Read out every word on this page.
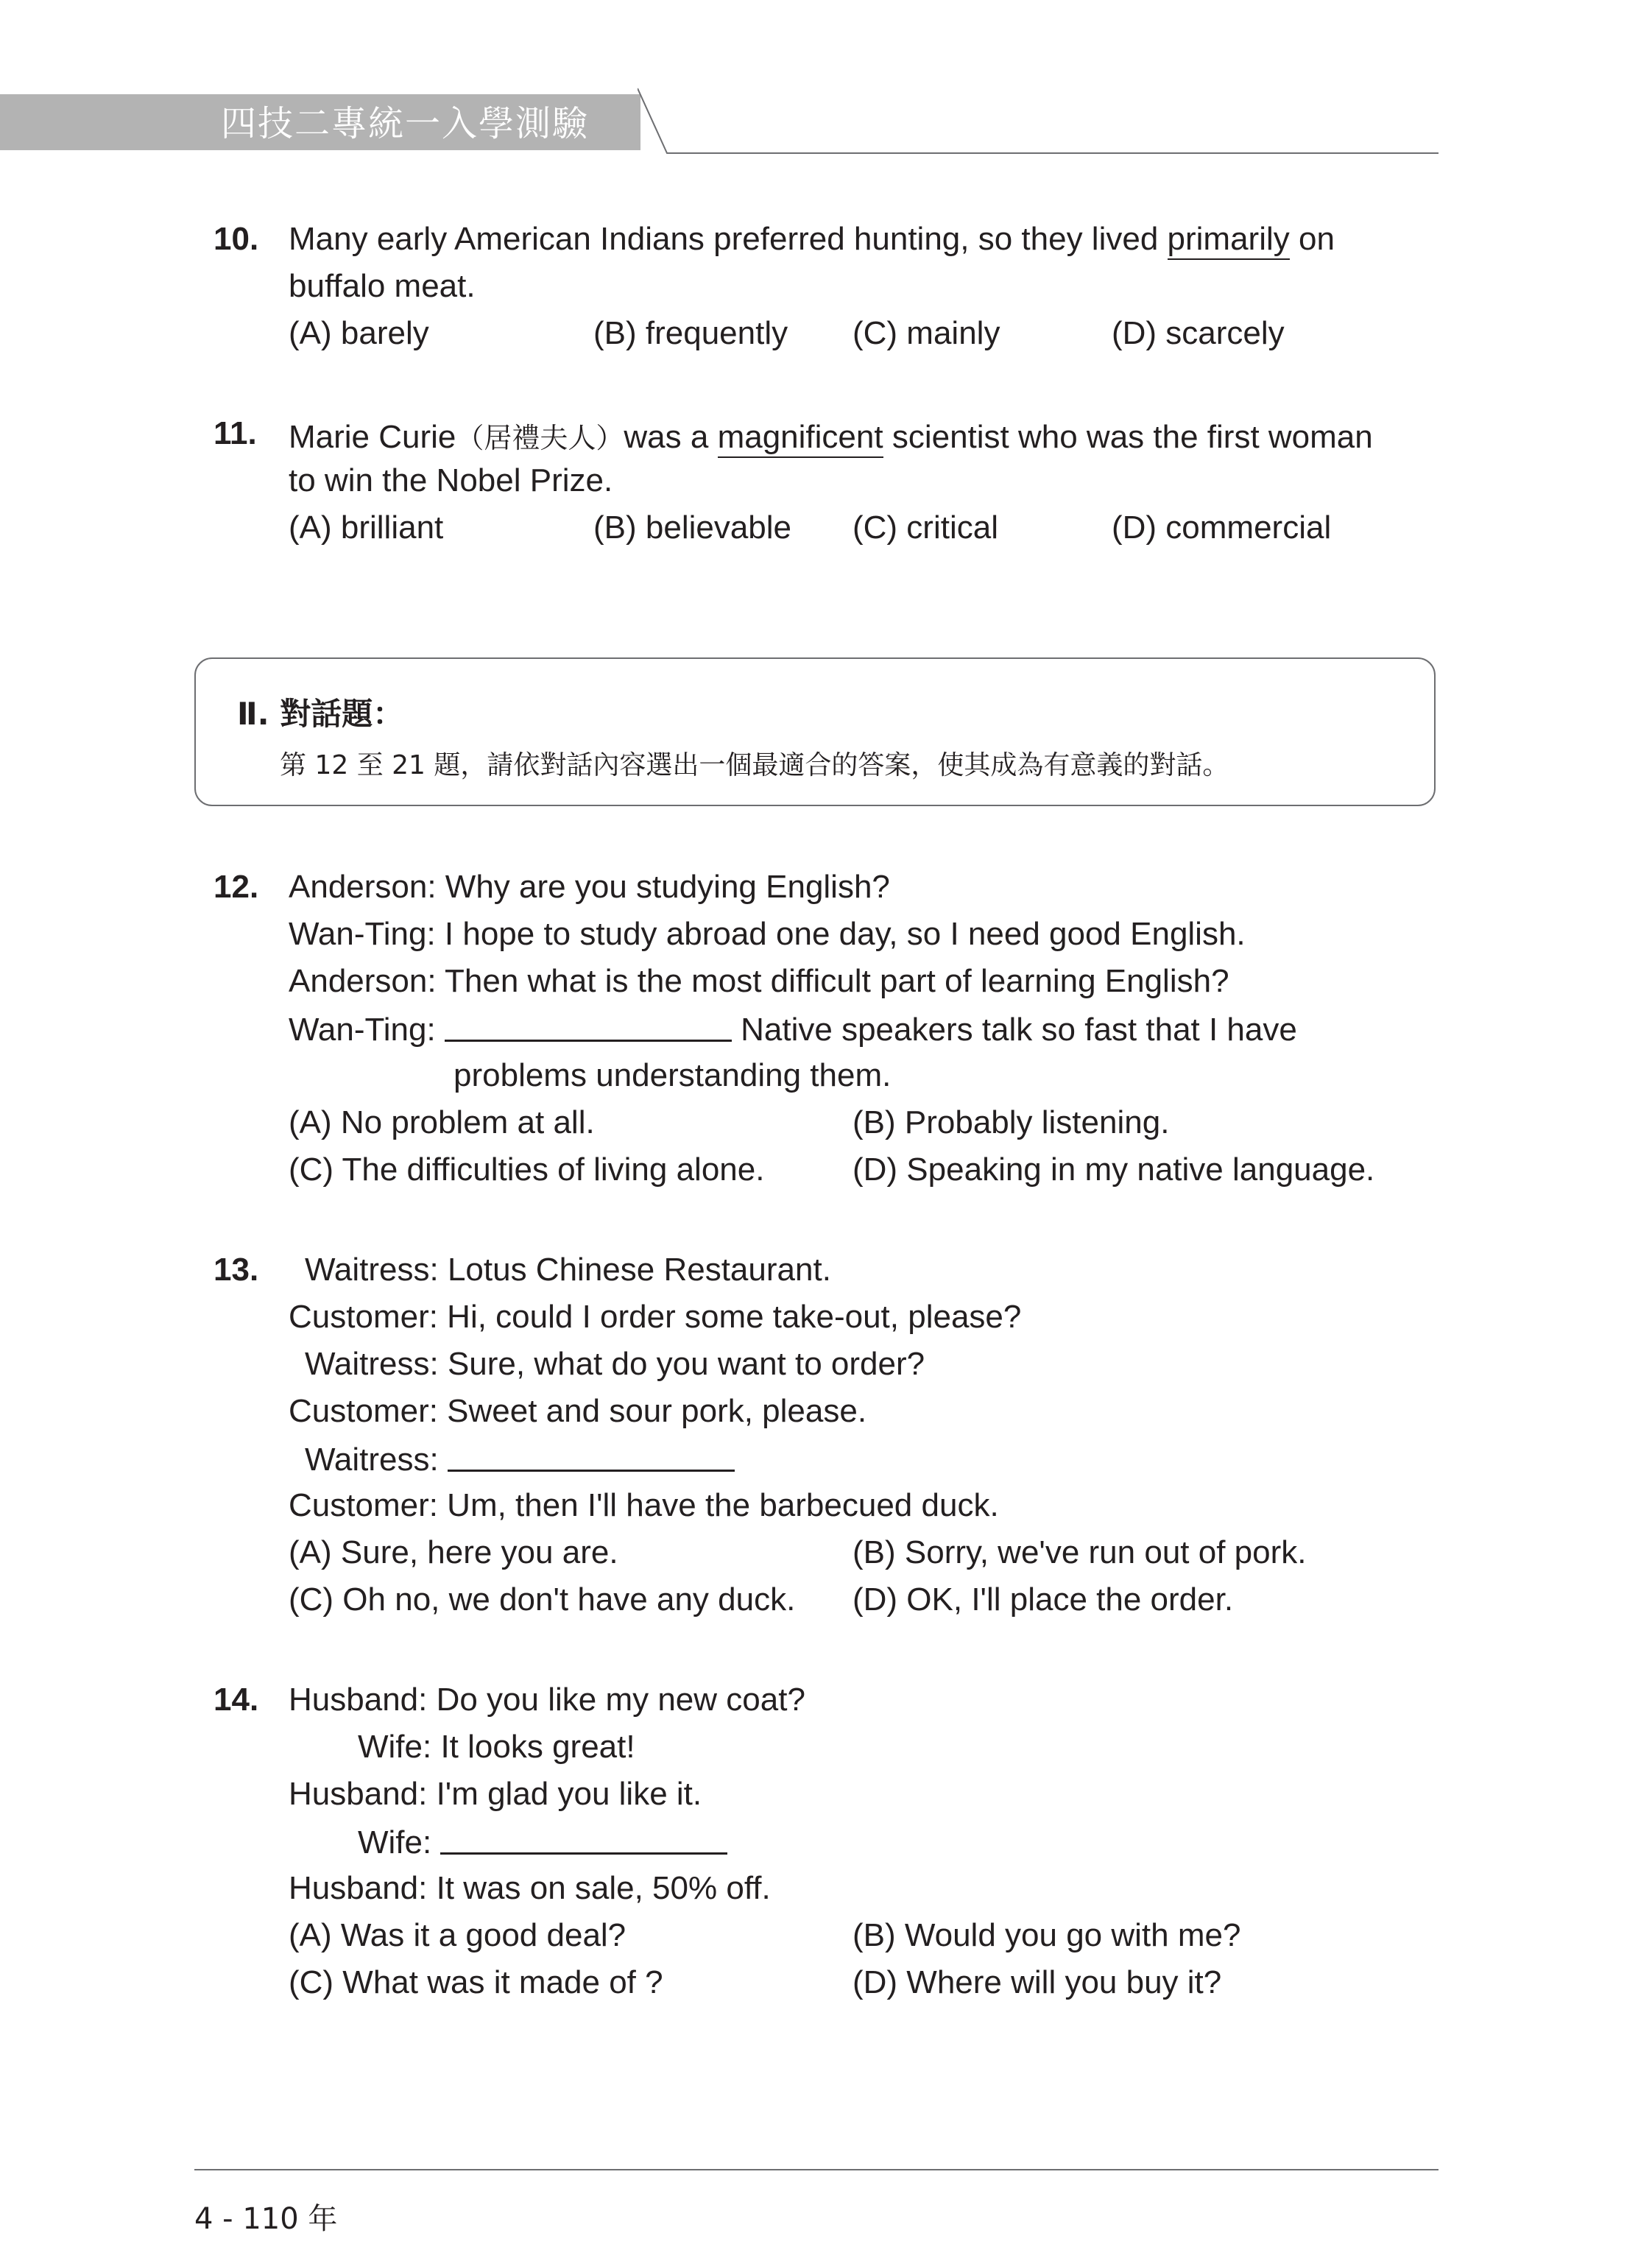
四技二專統一入學測驗
10. Many early American Indians preferred hunting, so they lived primarily on
buffalo meat.
(A) barely	(B) frequently (C) mainly	(D) scarcely
11. Marie Curie（居禮夫人）was a magnificent scientist who was the first woman
to win the Nobel Prize.
(A) brilliant	(B) believable (C) critical	(D) commercial
Ⅱ. 對話題：
第 12 至 21 題，請依對話內容選出一個最適合的答案，使其成為有意義的對話。
12. Anderson: Why are you studying English?
Wan-Ting: I hope to study abroad one day, so I need good English.
Anderson: Then what is the most difficult part of learning English?
Wan-Ting:	Native speakers talk so fast that I have
problems understanding them.
(A) No problem at all.	(B) Probably listening.
(C) The difficulties of living alone.	(D) Speaking in my native language.
13. Waitress: Lotus Chinese Restaurant.
Customer: Hi, could I order some take-out, please?
Waitress: Sure, what do you want to order?
Customer: Sweet and sour pork, please.
Waitress:
Customer: Um, then I'll have the barbecued duck.
(A) Sure, here you are.	(B) Sorry, we've run out of pork.
(C) Oh no, we don't have any duck. (D) OK, I'll place the order.
14. Husband: Do you like my new coat?
Wife: It looks great!
Husband: I'm glad you like it.
Wife:
Husband: It was on sale, 50% off.
(A) Was it a good deal?	(B) Would you go with me?
(C) What was it made of ?	(D) Where will you buy it?
4 - 110 年
